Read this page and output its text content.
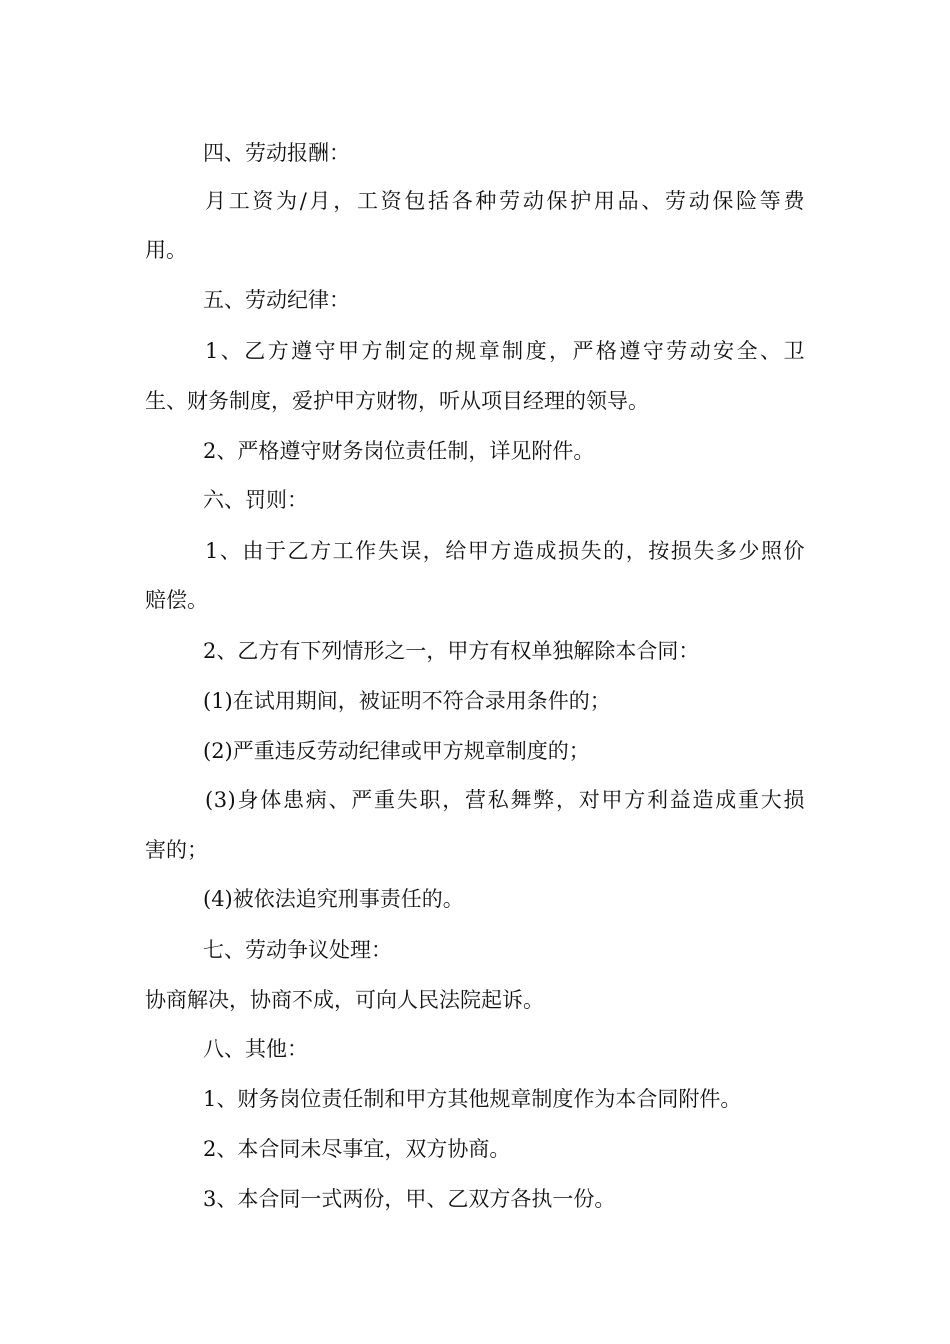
四、劳动报酬：

月工资为/月，工资包括各种劳动保护用品、劳动保险等费

用。

五、劳动纪律：

1、乙方遵守甲方制定的规章制度，严格遵守劳动安全、卫

生、财务制度，爱护甲方财物，听从项目经理的领导。

2、严格遵守财务岗位责任制，详见附件。

六、罚则：

1、由于乙方工作失误，给甲方造成损失的，按损失多少照价

赔偿。

2、乙方有下列情形之一，甲方有权单独解除本合同：

(1)在试用期间，被证明不符合录用条件的；

(2)严重违反劳动纪律或甲方规章制度的；

(3)身体患病、严重失职，营私舞弊，对甲方利益造成重大损

害的；

(4)被依法追究刑事责任的。

七、劳动争议处理：

协商解决，协商不成，可向人民法院起诉。

八、其他：

1、财务岗位责任制和甲方其他规章制度作为本合同附件。

2、本合同未尽事宜，双方协商。

3、本合同一式两份，甲、乙双方各执一份。
